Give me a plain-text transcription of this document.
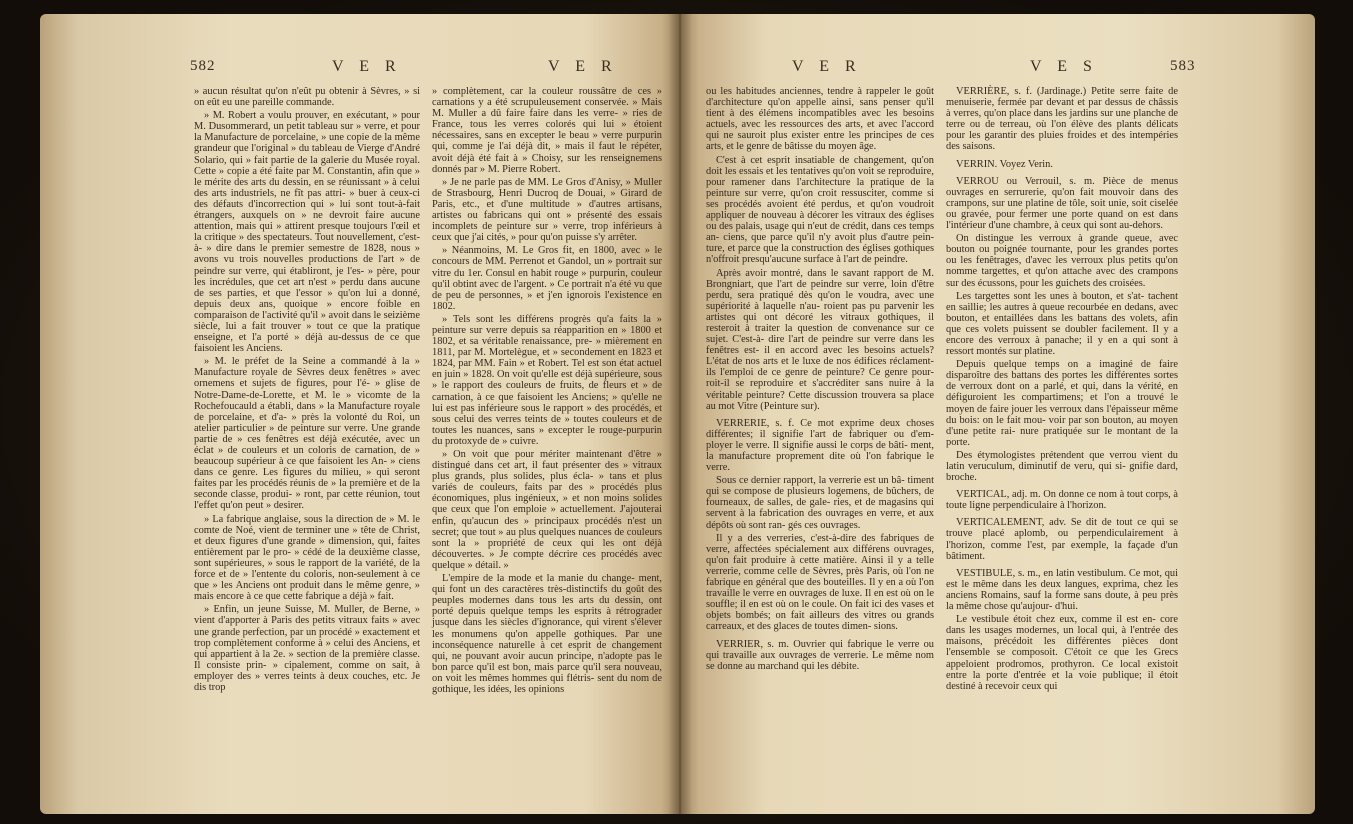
582	V E R	V E R

» aucun résultat qu'on n'eût pu obtenir à Sèvres, » si on eût eu une pareille commande.

» M. Robert a voulu prouver, en exécutant, » pour M. Dusommerard, un petit tableau sur » verre, et pour la Manufacture de porcelaine, » une copie de la même grandeur que l'original » du tableau de Vierge d'André Solario, qui » fait partie de la galerie du Musée royal. Cette » copie a été faite par M. Constantin, afin que » le mérite des arts du dessin, en se réunissant » à celui des arts industriels, ne fît pas attri- » buer à ceux-ci des défauts d'incorrection qui » lui sont tout-à-fait étrangers, auxquels on » ne devroit faire aucune attention, mais qui » attirent presque toujours l'œil et la critique » des spectateurs. Tout nouvellement, c'est-à- » dire dans le premier semestre de 1828, nous » avons vu trois nouvelles productions de l'art » de peindre sur verre, qui établiront, je l'es- » père, pour les incrédules, que cet art n'est » perdu dans aucune de ses parties, et que l'essor » qu'on lui a donné, depuis deux ans, quoique » encore foible en comparaison de l'activité qu'il » avoit dans le seizième siècle, lui a fait trouver » tout ce que la pratique enseigne, et l'a porté » déjà au-dessus de ce que faisoient les Anciens.

» M. le préfet de la Seine a commandé à la » Manufacture royale de Sèvres deux fenêtres » avec ornemens et sujets de figures, pour l'é- » glise de Notre-Dame-de-Lorette, et M. le » vicomte de la Rochefoucauld a établi, dans » la Manufacture royale de porcelaine, et d'a- » près la volonté du Roi, un atelier particulier » de peinture sur verre. Une grande partie de » ces fenêtres est déjà exécutée, avec un éclat » de couleurs et un coloris de carnation, de » beaucoup supérieur à ce que faisoient les An- » ciens dans ce genre. Les figures du milieu, » qui seront faites par les procédés réunis de » la première et de la seconde classe, produi- » ront, par cette réunion, tout l'effet qu'on peut » desirer.

» La fabrique anglaise, sous la direction de » M. le comte de Noé, vient de terminer une » tête de Christ, et deux figures d'une grande » dimension, qui, faites entièrement par le pro- » cédé de la deuxième classe, sont supérieures, » sous le rapport de la variété, de la force et de » l'entente du coloris, non-seulement à ce que » les Anciens ont produit dans le même genre, » mais encore à ce que cette fabrique a déjà » fait.

» Enfin, un jeune Suisse, M. Muller, de Berne, » vient d'apporter à Paris des petits vitraux faits » avec une grande perfection, par un procédé » exactement et trop complètement conforme à » celui des Anciens, et qui appartient à la 2e. » section de la première classe. Il consiste prin- » cipalement, comme on sait, à employer des » verres teints à deux couches, etc. Je dis trop

» complètement, car la couleur roussâtre de ces » carnations y a été scrupuleusement conservée. » Mais M. Muller a dû faire faire dans les verre- » ries de France, tous les verres colorés qui lui » étoient nécessaires, sans en excepter le beau » verre purpurin qui, comme je l'ai déjà dit, » mais il faut le répéter, avoit déjà été fait à » Choisy, sur les renseignemens donnés par » M. Pierre Robert.

» Je ne parle pas de MM. Le Gros d'Anisy, » Muller de Strasbourg, Henri Ducroq de Douai, » Girard de Paris, etc., et d'une multitude » d'autres artisans, artistes ou fabricans qui ont » présenté des essais incomplets de peinture sur » verre, trop inférieurs à ceux que j'ai cités, » pour qu'on puisse s'y arrêter.

» Néanmoins, M. Le Gros fit, en 1800, avec » le concours de MM. Perrenot et Gandol, un » portrait sur vitre du 1er. Consul en habit rouge » purpurin, couleur qu'il obtint avec de l'argent. » Ce portrait n'a été vu que de peu de personnes, » et j'en ignorois l'existence en 1802.

» Tels sont les différens progrès qu'a faits la » peinture sur verre depuis sa réapparition en » 1800 et 1802, et sa véritable renaissance, pre- » mièrement en 1811, par M. Mortelègue, et » secondement en 1823 et 1824, par MM. Fain » et Robert. Tel est son état actuel en juin » 1828. On voit qu'elle est déjà supérieure, sous » le rapport des couleurs de fruits, de fleurs et » de carnation, à ce que faisoient les Anciens; » qu'elle ne lui est pas inférieure sous le rapport » des procédés, et sous celui des verres teints de » toutes couleurs et de toutes les nuances, sans » excepter le rouge-purpurin du protoxyde de » cuivre.

» On voit que pour mériter maintenant d'être » distingué dans cet art, il faut présenter des » vitraux plus grands, plus solides, plus écla- » tans et plus variés de couleurs, faits par des » procédés plus économiques, plus ingénieux, » et non moins solides que ceux que l'on emploie » actuellement. J'ajouterai enfin, qu'aucun des » principaux procédés n'est un secret; que tout » au plus quelques nuances de couleurs sont la » propriété de ceux qui les ont déjà découvertes. » Je compte décrire ces procédés avec quelque » détail. »

L'empire de la mode et la manie du change- ment, qui font un des caractères très-distinctifs du goût des peuples modernes dans tous les arts du dessin, ont porté depuis quelque temps les esprits à rétrograder jusque dans les siècles d'ignorance, qui virent s'élever les monumens qu'on appelle gothiques. Par une inconséquence naturelle à cet esprit de changement qui, ne pouvant avoir aucun principe, n'adopte pas le bon parce qu'il est bon, mais parce qu'il sera nouveau, on voit les mêmes hommes qui flétris- sent du nom de gothique, les idées, les opinions

V E R	V E S	583

ou les habitudes anciennes, tendre à rappeler le goût d'architecture qu'on appelle ainsi, sans penser qu'il tient à des élémens incompatibles avec les besoins actuels, avec les ressources des arts, et avec l'accord qui ne sauroit plus exister entre les principes de ces arts, et le genre de bâtisse du moyen âge.

C'est à cet esprit insatiable de changement, qu'on doit les essais et les tentatives qu'on voit se reproduire, pour ramener dans l'architecture la pratique de la peinture sur verre, qu'on croit ressusciter, comme si ses procédés avoient été perdus, et qu'on voudroit appliquer de nouveau à décorer les vitraux des églises ou des palais, usage qui n'eut de crédit, dans ces temps an- ciens, que parce qu'il n'y avoit plus d'autre pein- ture, et parce que la construction des églises gothiques n'offroit presqu'aucune surface à l'art de peindre.

Après avoir montré, dans le savant rapport de M. Brongniart, que l'art de peindre sur verre, loin d'être perdu, sera pratiqué dès qu'on le voudra, avec une supériorité à laquelle n'au- roient pas pu parvenir les artistes qui ont décoré les vitraux gothiques, il resteroit à traiter la question de convenance sur ce sujet. C'est-à- dire l'art de peindre sur verre dans les fenêtres est- il en accord avec les besoins actuels? L'état de nos arts et le luxe de nos édifices réclament-ils l'emploi de ce genre de peinture? Ce genre pour- roit-il se reproduire et s'accréditer sans nuire à la véritable peinture? Cette discussion trouvera sa place au mot Vitre (Peinture sur).

VERRERIE, s. f. Ce mot exprime deux choses différentes; il signifie l'art de fabriquer ou d'em- ployer le verre. Il signifie aussi le corps de bâti- ment, la manufacture proprement dite où l'on fabrique le verre.

Sous ce dernier rapport, la verrerie est un bâ- timent qui se compose de plusieurs logemens, de bûchers, de fourneaux, de salles, de gale- ries, et de magasins qui servent à la fabrication des ouvrages en verre, et aux dépôts où sont ran- gés ces ouvrages.

Il y a des verreries, c'est-à-dire des fabriques de verre, affectées spécialement aux différens ouvrages, qu'on fait produire à cette matière. Ainsi il y a telle verrerie, comme celle de Sèvres, près Paris, où l'on ne fabrique en général que des bouteilles. Il y en a où l'on travaille le verre en ouvrages de luxe. Il en est où on le souffle; il en est où on le coule. On fait ici des vases et objets bombés; on fait ailleurs des vitres ou grands carreaux, et des glaces de toutes dimen- sions.

VERRIER, s. m. Ouvrier qui fabrique le verre ou qui travaille aux ouvrages de verrerie. Le même nom se donne au marchand qui les débite.

VERRIÈRE, s. f. (Jardinage.) Petite serre faite de menuiserie, fermée par devant et par dessus de châssis à verres, qu'on place dans les jardins sur une planche de terre ou de terreau, où l'on élève des plants délicats pour les garantir des pluies froides et des intempéries des saisons.

VERRIN. Voyez Verin.

VERROU ou Verrouil, s. m. Pièce de menus ouvrages en serrurerie, qu'on fait mouvoir dans des crampons, sur une platine de tôle, soit unie, soit ciselée ou gravée, pour fermer une porte quand on est dans l'intérieur d'une chambre, à ceux qui sont au-dehors.

On distingue les verroux à grande queue, avec bouton ou poignée tournante, pour les grandes portes ou les fenêtrages, d'avec les verroux plus petits qu'on nomme targettes, et qu'on attache avec des crampons sur des écussons, pour les guichets des croisées.

Les targettes sont les unes à bouton, et s'at- tachent en saillie; les autres à queue recourbée en dedans, avec bouton, et entaillées dans les battans des volets, afin que ces volets puissent se doubler facilement. Il y a encore des verroux à panache; il y en a qui sont à ressort montés sur platine.

Depuis quelque temps on a imaginé de faire disparoître des battans des portes les différentes sortes de verroux dont on a parlé, et qui, dans la vérité, en défiguroient les compartimens; et l'on a trouvé le moyen de faire jouer les verroux dans l'épaisseur même du bois: on le fait mou- voir par son bouton, au moyen d'une petite rai- nure pratiquée sur le montant de la porte.

Des étymologistes prétendent que verrou vient du latin veruculum, diminutif de veru, qui si- gnifie dard, broche.

VERTICAL, adj. m. On donne ce nom à tout corps, à toute ligne perpendiculaire à l'horizon.

VERTICALEMENT, adv. Se dit de tout ce qui se trouve placé aplomb, ou perpendiculairement à l'horizon, comme l'est, par exemple, la façade d'un bâtiment.

VESTIBULE, s. m., en latin vestibulum. Ce mot, qui est le même dans les deux langues, exprima, chez les anciens Romains, sauf la forme sans doute, à peu près la même chose qu'aujour- d'hui.

Le vestibule étoit chez eux, comme il est en- core dans les usages modernes, un local qui, à l'entrée des maisons, précédoit les différentes pièces dont l'ensemble se composoit. C'étoit ce que les Grecs appeloient prodromos, prothyron. Ce local existoit entre la porte d'entrée et la voie publique; il étoit destiné à recevoir ceux qui
